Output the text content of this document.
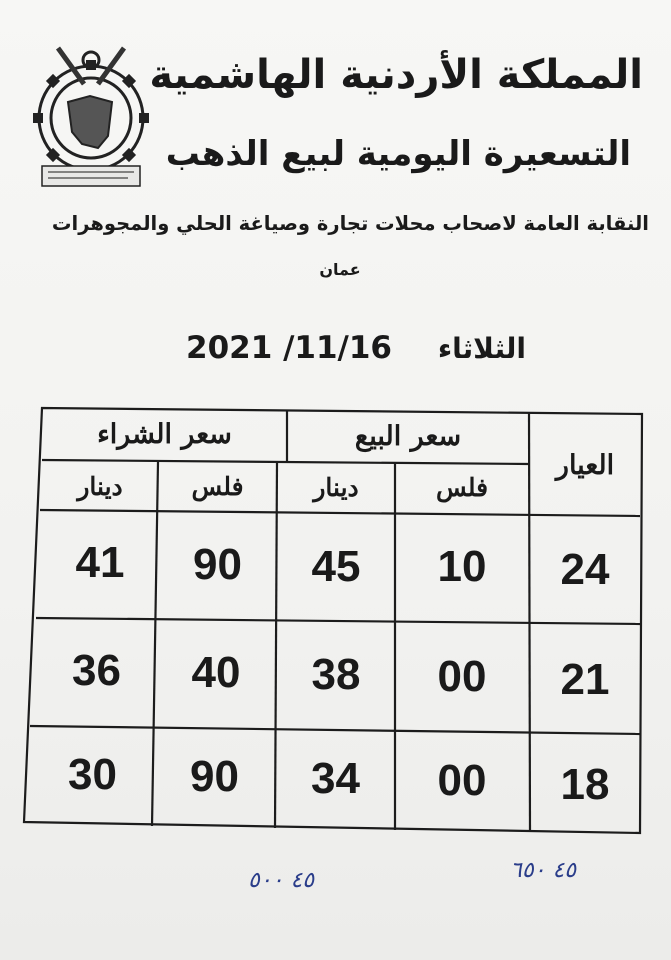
المملكة الأردنية الهاشمية
التسعيرة اليومية لبيع الذهب
النقابة العامة لاصحاب محلات تجارة وصياغة الحلي والمجوهرات
عمان
2021 /11/16 الثلاثاء
العيار
سعر البيع
سعر الشراء
فلس
دينار
فلس
دينار
24
10
45
90
41
21
00
38
40
36
18
00
34
90
30
٤٥ ٦٥٠
٤٥ ٥٠٠
